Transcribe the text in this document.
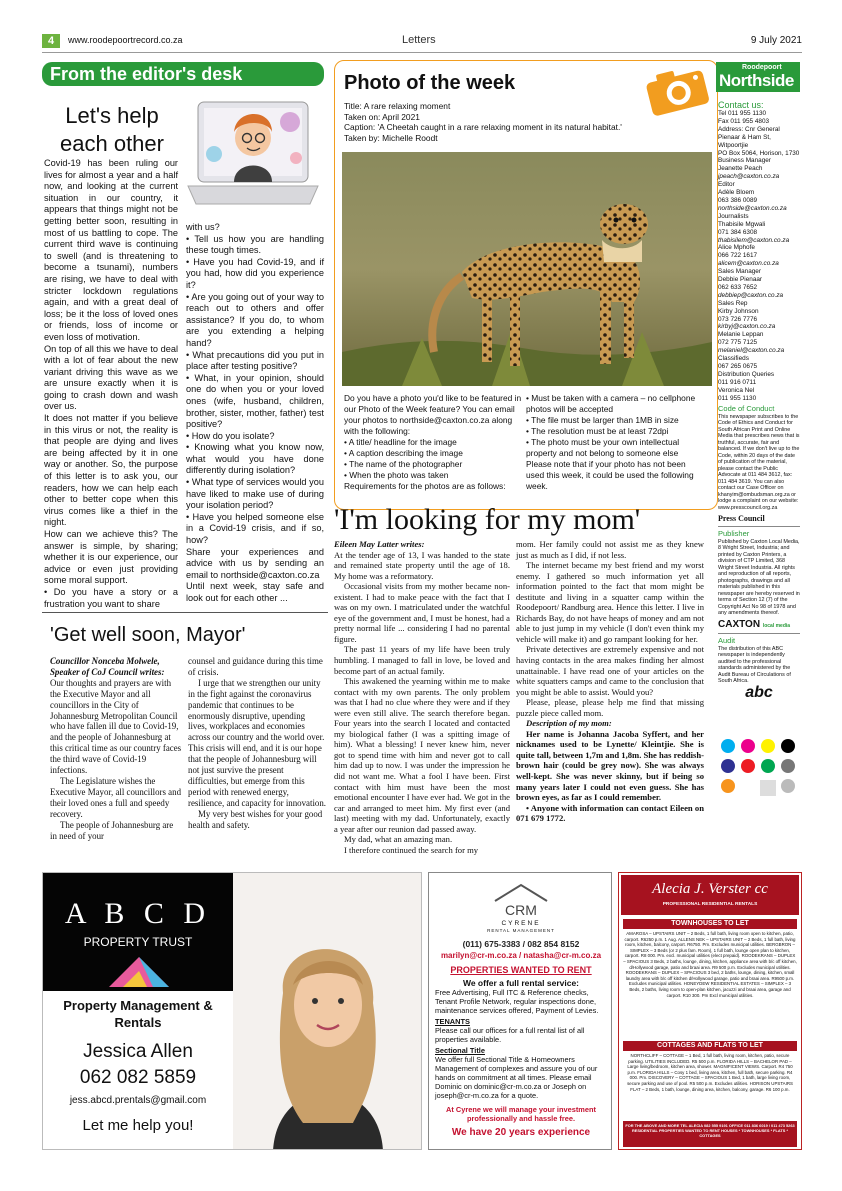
4	www.roodepoortrecord.co.za	Letters	9 July 2021
From the editor's desk
Let's help
each other

Covid-19 has been ruling our lives for almost a year and a half now, and looking at the current situation in our country, it appears that things might not be getting better soon, resulting in most of us battling to cope. The current third wave is continuing to swell (and is threatening to become a tsunami), numbers are rising, we have to deal with stricter lockdown regulations again, and with a great deal of loss; be it the loss of loved ones or friends, loss of income or even loss of motivation.

On top of all this we have to deal with a lot of fear about the new variant driving this wave as we are unsure exactly when it is going to crash down and wash over us.

It does not matter if you believe in this virus or not, the reality is that people are dying and lives are being affected by it in one way or another. So, the purpose of this letter is to ask you, our readers, how we can help each other to better cope when this virus comes like a thief in the night.

How can we achieve this? The answer is simple, by sharing; whether it is our experience, our advice or even just providing some moral support.

• Do you have a story or a frustration you want to share

with us?

• Tell us how you are handling these tough times.

• Have you had Covid-19, and if you had, how did you experience it?

• Are you going out of your way to reach out to others and offer assistance? If you do, to whom are you extending a helping hand?

• What precautions did you put in place after testing positive?

• What, in your opinion, should one do when you or your loved ones (wife, husband, children, brother, sister, mother, father) test positive?

• How do you isolate?

• Knowing what you know now, what would you have done differently during isolation?

• What type of services would you have liked to make use of during your isolation period?

• Have you helped someone else in a Covid-19 crisis, and if so, how?

Share your experiences and advice with us by sending an email to northside@caxton.co.za

Until next week, stay safe and look out for each other ...

Photo of the week
Title: A rare relaxing moment
Taken on: April 2021
Caption: 'A Cheetah caught in a rare relaxing moment in its natural habitat.'
Taken by: Michelle Roodt
Do you have a photo you'd like to be featured in our Photo of the Week feature? You can email your photos to northside@caxton.co.za along with the following:
• A title/ headline for the image
• A caption describing the image
• The name of the photographer
• When the photo was taken
Requirements for the photos are as follows:
• Must be taken with a camera – no cellphone photos will be accepted
• The file must be larger than 1MB in size
• The resolution must be at least 72dpi
• The photo must be your own intellectual property and not belong to someone else
Please note that if your photo has not been used this week, it could be used the following week.
Roodepoort
Northside
Contact us:
Tel 011 955 1130
Fax 011 955 4803
Address: Cnr General Pienaar & Ham St, Witpoortjie
PO Box 5064, Horison, 1730
Business Manager
Jeanette Peach
jpeach@caxton.co.za
Editor
Adèle Bloem
063 386 0089
northside@caxton.co.za
Journalists
Thabisile Mgwali
071 384 6308
thabisilem@caxton.co.za
Alice Mphofe
066 722 1617
alicem@caxton.co.za
Sales Manager
Debbie Pienaar
062 633 7652
debbiep@caxton.co.za
Sales Rep
Kirby Johnson
073 726 7776
kirbyj@caxton.co.za
Melanie Leppan
072 775 7125
melaniel@caxton.co.za
Classifieds
067 265 0675
Distribution Queries
011 916 0711
Veronica Nel
011 955 1130
Code of Conduct
This newspaper subscribes to the Code of Ethics and Conduct for South African Print and Online Media that prescribes news that is truthful, accurate, fair and balanced. If we don't live up to the Code, within 20 days of the date of publication of the material, please contact the Public Advocate at 011 484 3612, fax: 011 484 3619. You can also contact our Case Officer on khanyim@ombudsman.org.za or lodge a complaint on our website: www.presscouncil.org.za
Press Council
Publisher
Published by Caxton Local Media, 8 Wright Street, Industria; and printed by Caxton Printers, a division of CTP Limited, 368 Wright Street Industria. All rights and reproduction of all reports, photographs, drawings and all materials published in this newspaper are hereby reserved in terms of Section 12 (7) of the Copyright Act No 98 of 1978 and any amendments thereof.
CAXTON local media
Audit
The distribution of this ABC newspaper is independently audited to the professional standards administered by the Audit Bureau of Circulations of South Africa.
abc
'I'm looking for my mom'
Eileen May Latter writes:
At the tender age of 13, I was handed to the state and remained state property until the age of 18. My home was a reformatory.
Occasional visits from my mother became non-existent. I had to make peace with the fact that I was on my own. I matriculated under the watchful eye of the government and, I must be honest, had a pretty normal life ... considering I had no parental figure.
The past 11 years of my life have been truly humbling. I managed to fall in love, be loved and become part of an actual family.
This awakened the yearning within me to make contact with my own parents. The only problem was that I had no clue where they were and if they were even still alive. The search therefore began. Four years into the search I located and contacted my biological father (I was a spitting image of him). What a blessing! I never knew him, never got to spend time with him and never got to call him dad up to now. I was under the impression he did not want me. What a fool I have been. First contact with him must have been the most emotional encounter I have ever had. We got in the car and arranged to meet him. My first ever (and last) meeting with my dad. Unfortunately, exactly a year after our reunion dad passed away.
My dad, what an amazing man.
I therefore continued the search for my
mom. Her family could not assist me as they knew just as much as I did, if not less.
The internet became my best friend and my worst enemy. I gathered so much information yet all information pointed to the fact that mom might be destitute and living in a squatter camp within the Roodepoort/ Randburg area. Hence this letter. I live in Richards Bay, do not have heaps of money and am not able to just jump in my vehicle (I don't even think my vehicle will make it) and go rampant looking for her.
Private detectives are extremely expensive and not having contacts in the area makes finding her almost unattainable. I have read one of your articles on the white squatters camps and came to the conclusion that you might be able to assist. Would you?
Please, please, please help me find that missing puzzle piece called mom.
Description of my mom:
Her name is Johanna Jacoba Syffert, and her nicknames used to be Lynette/ Kleintjie. She is quite tall, between 1,7m and 1,8m. She has reddish-brown hair (could be grey now). She was always well-kept. She was never skinny, but if being so many years later I could not even guess. She has brown eyes, as far as I could remember.
• Anyone with information can contact Eileen on 071 679 1772.
'Get well soon, Mayor'
Councillor Nonceba Molwele, Speaker of CoJ Council writes:
Our thoughts and prayers are with the Executive Mayor and all councillors in the City of Johannesburg Metropolitan Council who have fallen ill due to Covid-19, and the people of Johannesburg at this critical time as our country faces the third wave of Covid-19 infections.
The Legislature wishes the Executive Mayor, all councillors and their loved ones a full and speedy recovery.
The people of Johannesburg are in need of your
counsel and guidance during this time of crisis.
I urge that we strengthen our unity in the fight against the coronavirus pandemic that continues to be enormously disruptive, upending lives, workplaces and economies across our country and the world over. This crisis will end, and it is our hope that the people of Johannesburg will not just survive the present difficulties, but emerge from this period with renewed energy, resilience, and capacity for innovation.
My very best wishes for your good health and safety.
A B C D
PROPERTY TRUST
Property Management & Rentals
Jessica Allen
062 082 5859
jess.abcd.prentals@gmail.com
Let me help you!
CRM
CYRENE
RENTAL MANAGEMENT
(011) 675-3383 / 082 854 8152
marilyn@cr-m.co.za / natasha@cr-m.co.za
PROPERTIES WANTED TO RENT
We offer a full rental service:
Free Advertising, Full ITC & Reference checks, Tenant Profile Network, regular inspections done, maintenance services offered, Payment of Levies.
TENANTS
Please call our offices for a full rental list of all properties available.
Sectional Title
We offer full Sectional Title & Homeowners Management of complexes and assure you of our hands on commitment at all times. Please email Dominic on dominic@cr-m.co.za or Joseph on joseph@cr-m.co.za for a quote.
At Cyrene we will manage your investment professionally and hassle free.
We have 20 years experience
Alecia J. Verster cc
PROFESSIONAL RESIDENTIAL RENTALS
TOWNHOUSES TO LET
AMAROSA – UPSTAIRS UNIT – 2 Beds, 1 full bath, living room open to kitchen, patio, carport. R6250 p.m. 1 Aug. ALLENS NEK – UPSTAIRS UNIT – 2 Beds, 1 full bath, living room, kitchen, balcony, carport. R6750. Pm. Excludes municipal utilities. BERGBRON – SIMPLEX – 3 Beds (or 2 plus fam. Room), 1 full bath, lounge open plan to kitchen, carport. R8 000. Pm. excl. municipal utilities (elect prepaid). ROODEKRANS – DUPLEX – SPACIOUS 3 Beds, 2 baths, lounge, dining, kitchen, appliance area with b/c off kitchen, d/Hollywood garage, patio and braai area. R9 500 p.m. Excludes municipal utilities. ROODEKRANS – DUPLEX – SPACIOUS 3 bed, 2 baths, lounge, dining, kitchen, small laundry area with b/c off kitchen d/Hollywood garage, patio and braai area. R9500 p.m. Excludes municipal utilities. HONEYDEW RESIDENTIAL ESTATES – SIMPLEX – 3 Beds, 2 baths, living room to open-plan kitchen, jacuzzi and braai area, garage and carport. R10 300. Pm Excl municipal utilities.
COTTAGES AND FLATS TO LET
NORTHCLIFF – COTTAGE – 1 Bed, 1 full bath, living room, kitchen, patio, secure parking. UTILITIES INCLUDED. R5 500 p.m. FLORIDA HILLS – BACHELOR PAD – Large living/bedroom, kitchen area, shower. MAGNIFICENT VIEWS. Carport. R4 750 p.m. FLORIDA HILLS – Cosy 1 bed, living area, kitchen, full bath, secure parking. R4 000. Pm. DISCOVERY – COTTAGE – SPACIOUS 1 Bed, 1 bath, large living room, secure parking and use of pool. R5 500 p.m. Excludes utilities. HORISON UPSTAIRS FLAT – 2 Beds, 1 bath, lounge, dining area, kitchen, balcony, garage. R6 100 p.m.
FOR THE ABOVE AND MORE TEL ALECIA 082 555 9191 OFFICE 011 836 6019 / 011 473 5263 RESIDENTIAL PROPERTIES WANTED TO RENT HOUSES * TOWNHOUSES * FLATS * COTTAGES
